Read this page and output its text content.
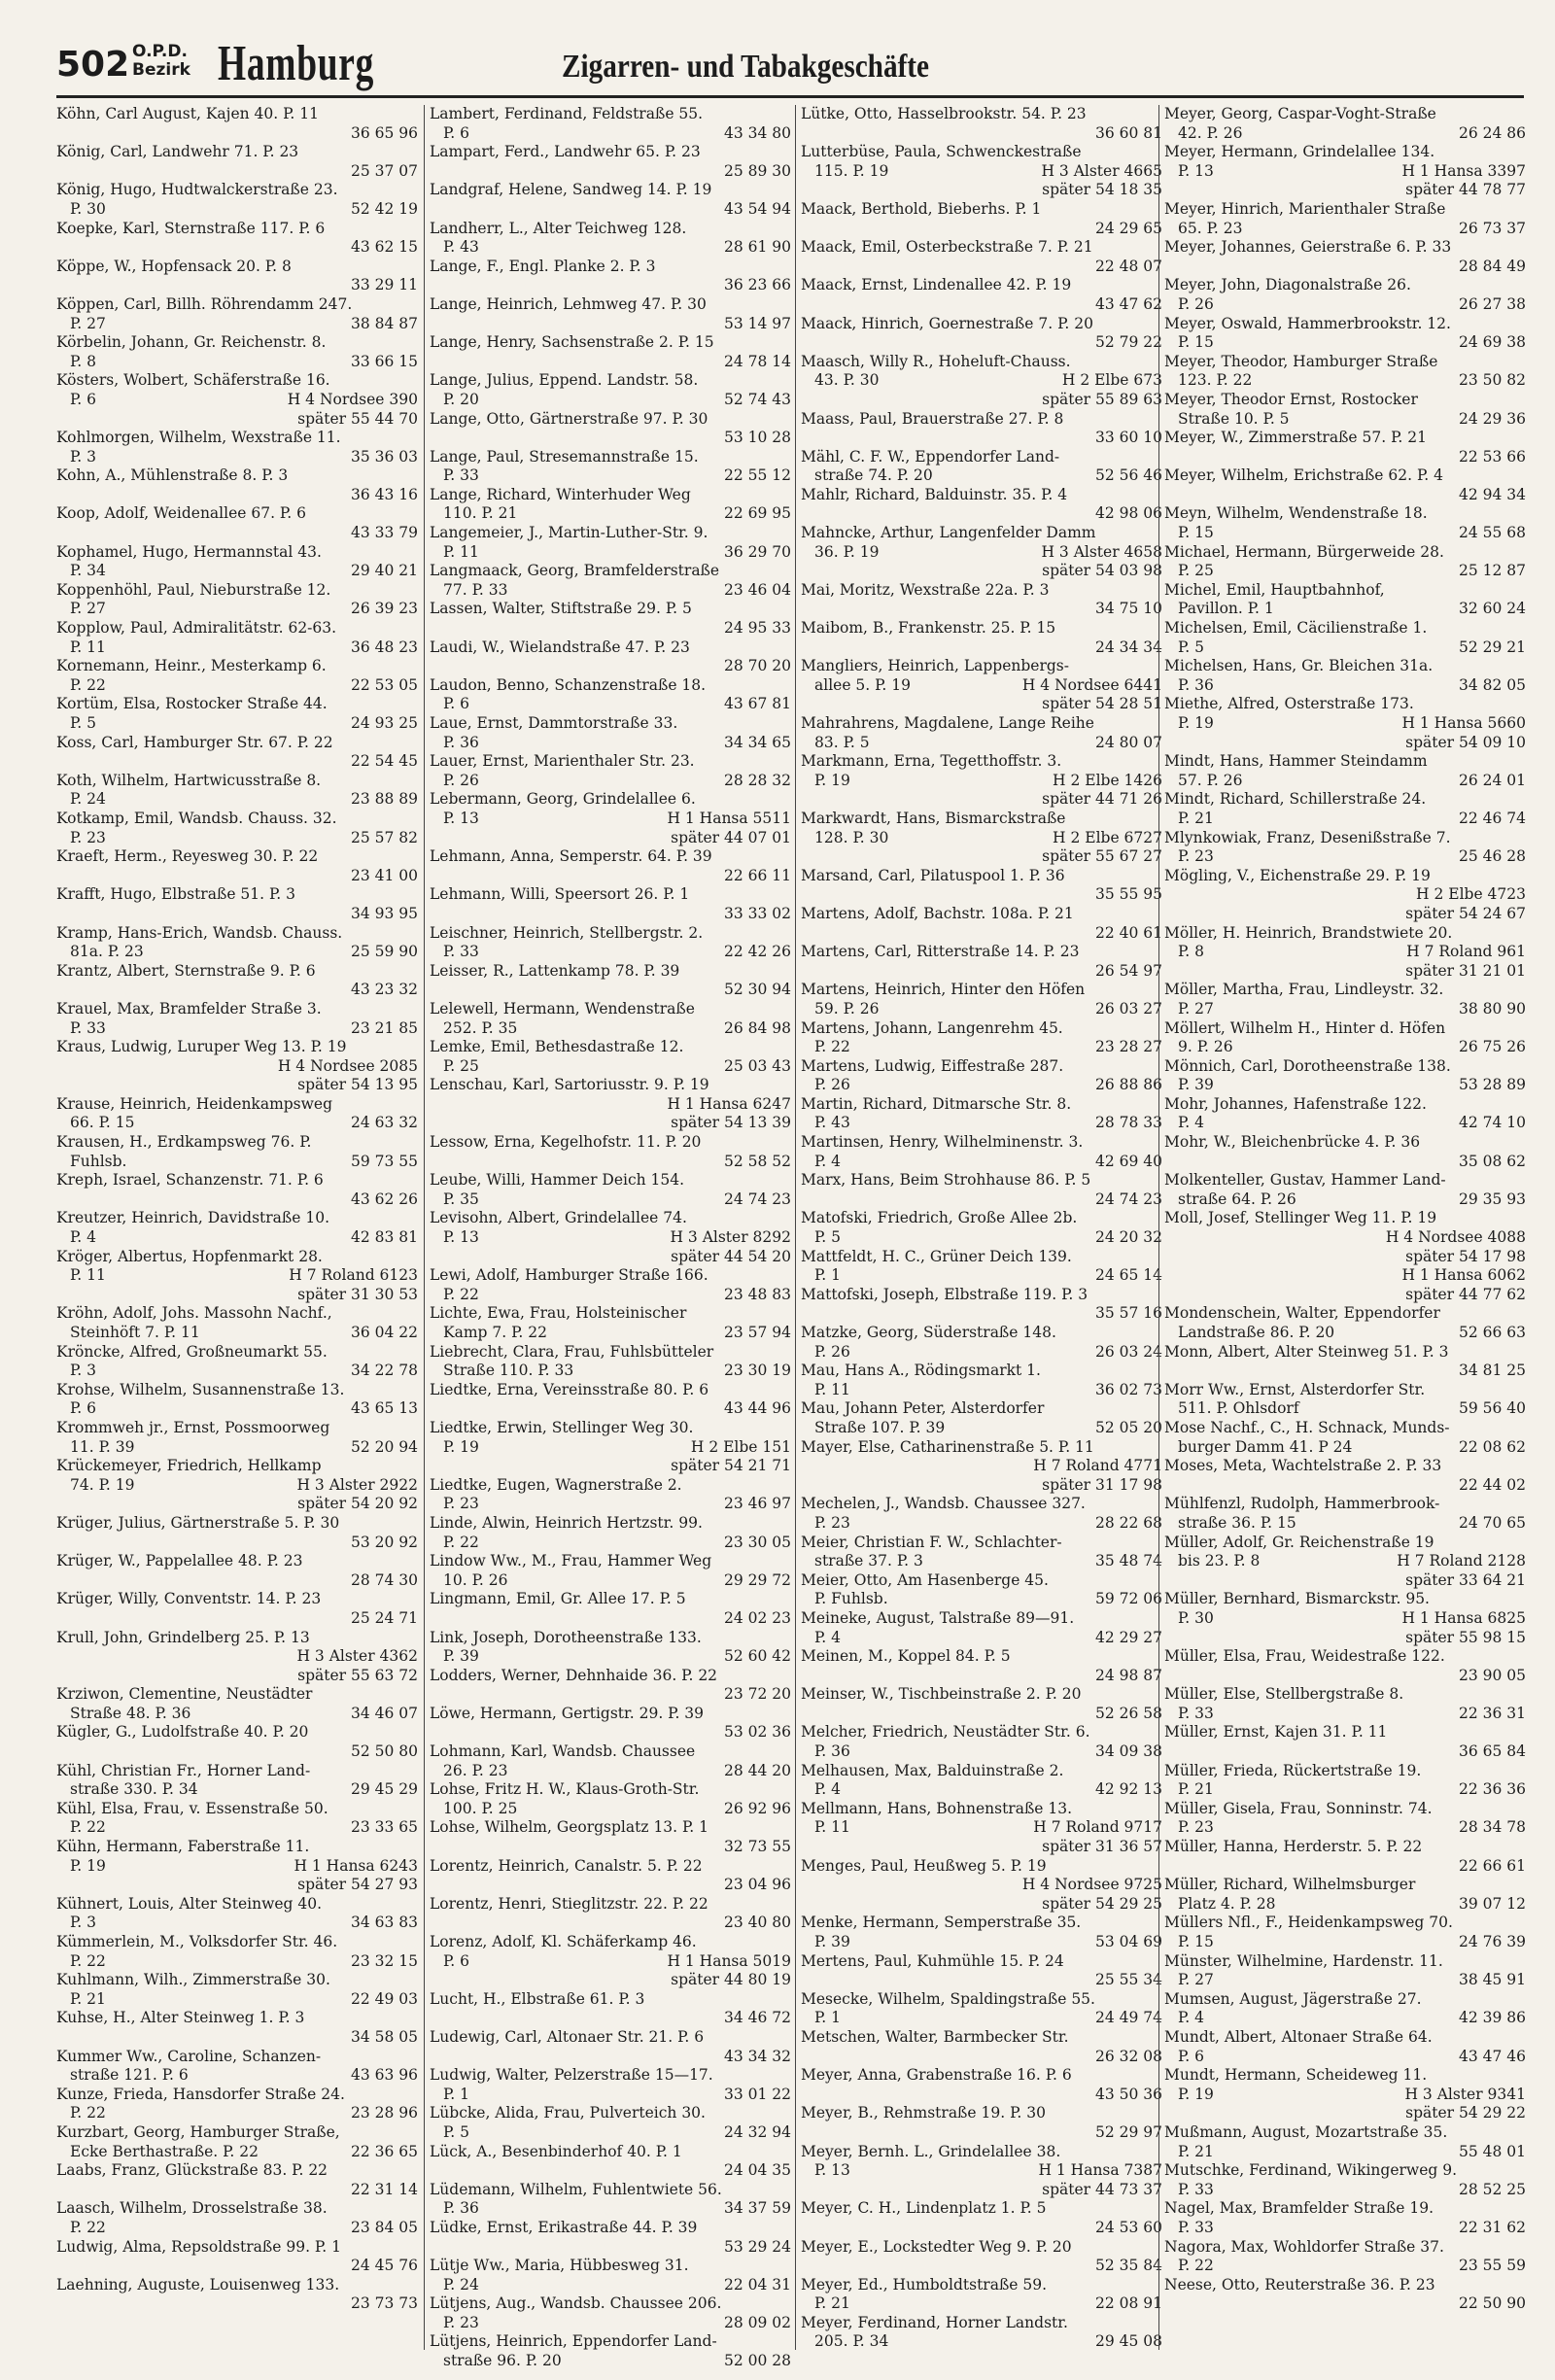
502 O.P.D.
Bezirk Hamburg	Zigarren- und Tabakgeschäfte
Köhn, Carl August, Kajen 40. P. 11
36 65 96
König, Carl, Landwehr 71. P. 23
25 37 07
König, Hugo, Hudtwalckerstraße 23.
P. 30	52 42 19
Koepke, Karl, Sternstraße 117. P. 6
43 62 15
Köppe, W., Hopfensack 20. P. 8
33 29 11
Köppen, Carl, Billh. Röhrendamm 247.
P. 27	38 84 87
Körbelin, Johann, Gr. Reichenstr. 8.
P. 8	33 66 15
Kösters, Wolbert, Schäferstraße 16.
P. 6	H 4 Nordsee 390
später 55 44 70
Kohlmorgen, Wilhelm, Wexstraße 11.
P. 3	35 36 03
Kohn, A., Mühlenstraße 8. P. 3
36 43 16
Koop, Adolf, Weidenallee 67. P. 6
43 33 79
Kophamel, Hugo, Hermannstal 43.
P. 34	29 40 21
Koppenhöhl, Paul, Nieburstraße 12.
P. 27	26 39 23
Kopplow, Paul, Admiralitätstr. 62-63.
P. 11	36 48 23
Kornemann, Heinr., Mesterkamp 6.
P. 22	22 53 05
Kortüm, Elsa, Rostocker Straße 44.
P. 5	24 93 25
Koss, Carl, Hamburger Str. 67. P. 22
22 54 45
Koth, Wilhelm, Hartwicusstraße 8.
P. 24	23 88 89
Kotkamp, Emil, Wandsb. Chauss. 32.
P. 23	25 57 82
Kraeft, Herm., Reyesweg 30. P. 22
23 41 00
Krafft, Hugo, Elbstraße 51. P. 3
34 93 95
Kramp, Hans-Erich, Wandsb. Chauss.
81a. P. 23	25 59 90
Krantz, Albert, Sternstraße 9. P. 6
43 23 32
Krauel, Max, Bramfelder Straße 3.
P. 33	23 21 85
Kraus, Ludwig, Luruper Weg 13. P. 19
H 4 Nordsee 2085
später 54 13 95
Krause, Heinrich, Heidenkampsweg
66. P. 15	24 63 32
Krausen, H., Erdkampsweg 76. P.
Fuhlsb.	59 73 55
Kreph, Israel, Schanzenstr. 71. P. 6
43 62 26
Kreutzer, Heinrich, Davidstraße 10.
P. 4	42 83 81
Kröger, Albertus, Hopfenmarkt 28.
P. 11	H 7 Roland 6123
später 31 30 53
Kröhn, Adolf, Johs. Massohn Nachf.,
Steinhöft 7. P. 11	36 04 22
Kröncke, Alfred, Großneumarkt 55.
P. 3	34 22 78
Krohse, Wilhelm, Susannenstraße 13.
P. 6	43 65 13
Krommweh jr., Ernst, Possmoorweg
11. P. 39	52 20 94
Krückemeyer, Friedrich, Hellkamp
74. P. 19	H 3 Alster 2922
später 54 20 92
Krüger, Julius, Gärtnerstraße 5. P. 30
53 20 92
Krüger, W., Pappelallee 48. P. 23
28 74 30
Krüger, Willy, Conventstr. 14. P. 23
25 24 71
Krull, John, Grindelberg 25. P. 13
H 3 Alster 4362
später 55 63 72
Krziwon, Clementine, Neustädter
Straße 48. P. 36	34 46 07
Kügler, G., Ludolfstraße 40. P. 20
52 50 80
Kühl, Christian Fr., Horner Land-
straße 330. P. 34	29 45 29
Kühl, Elsa, Frau, v. Essenstraße 50.
P. 22	23 33 65
Kühn, Hermann, Faberstraße 11.
P. 19	H 1 Hansa 6243
später 54 27 93
Kühnert, Louis, Alter Steinweg 40.
P. 3	34 63 83
Kümmerlein, M., Volksdorfer Str. 46.
P. 22	23 32 15
Kuhlmann, Wilh., Zimmerstraße 30.
P. 21	22 49 03
Kuhse, H., Alter Steinweg 1. P. 3
34 58 05
Kummer Ww., Caroline, Schanzen-
straße 121. P. 6	43 63 96
Kunze, Frieda, Hansdorfer Straße 24.
P. 22	23 28 96
Kurzbart, Georg, Hamburger Straße,
Ecke Berthastraße. P. 22	22 36 65
Laabs, Franz, Glückstraße 83. P. 22
22 31 14
Laasch, Wilhelm, Drosselstraße 38.
P. 22	23 84 05
Ludwig, Alma, Repsoldstraße 99. P. 1
24 45 76
Laehning, Auguste, Louisenweg 133.
23 73 73
Lambert, Ferdinand, Feldstraße 55.
P. 6	43 34 80
Lampart, Ferd., Landwehr 65. P. 23
25 89 30
Landgraf, Helene, Sandweg 14. P. 19
43 54 94
Landherr, L., Alter Teichweg 128.
P. 43	28 61 90
Lange, F., Engl. Planke 2. P. 3
36 23 66
Lange, Heinrich, Lehmweg 47. P. 30
53 14 97
Lange, Henry, Sachsenstraße 2. P. 15
24 78 14
Lange, Julius, Eppend. Landstr. 58.
P. 20	52 74 43
Lange, Otto, Gärtnerstraße 97. P. 30
53 10 28
Lange, Paul, Stresemannstraße 15.
P. 33	22 55 12
Lange, Richard, Winterhuder Weg
110. P. 21	22 69 95
Langemeier, J., Martin-Luther-Str. 9.
P. 11	36 29 70
Langmaack, Georg, Bramfelderstraße
77. P. 33	23 46 04
Lassen, Walter, Stiftstraße 29. P. 5
24 95 33
Laudi, W., Wielandstraße 47. P. 23
28 70 20
Laudon, Benno, Schanzenstraße 18.
P. 6	43 67 81
Laue, Ernst, Dammtorstraße 33.
P. 36	34 34 65
Lauer, Ernst, Marienthaler Str. 23.
P. 26	28 28 32
Lebermann, Georg, Grindelallee 6.
P. 13	H 1 Hansa 5511
später 44 07 01
Lehmann, Anna, Semperstr. 64. P. 39
22 66 11
Lehmann, Willi, Speersort 26. P. 1
33 33 02
Leischner, Heinrich, Stellbergstr. 2.
P. 33	22 42 26
Leisser, R., Lattenkamp 78. P. 39
52 30 94
Lelewell, Hermann, Wendenstraße
252. P. 35	26 84 98
Lemke, Emil, Bethesdastraße 12.
P. 25	25 03 43
Lenschau, Karl, Sartoriusstr. 9. P. 19
H 1 Hansa 6247
später 54 13 39
Lessow, Erna, Kegelhofstr. 11. P. 20
52 58 52
Leube, Willi, Hammer Deich 154.
P. 35	24 74 23
Levisohn, Albert, Grindelallee 74.
P. 13	H 3 Alster 8292
später 44 54 20
Lewi, Adolf, Hamburger Straße 166.
P. 22	23 48 83
Lichte, Ewa, Frau, Holsteinischer
Kamp 7. P. 22	23 57 94
Liebrecht, Clara, Frau, Fuhlsbütteler
Straße 110. P. 33	23 30 19
Liedtke, Erna, Vereinsstraße 80. P. 6
43 44 96
Liedtke, Erwin, Stellinger Weg 30.
P. 19	H 2 Elbe 151
später 54 21 71
Liedtke, Eugen, Wagnerstraße 2.
P. 23	23 46 97
Linde, Alwin, Heinrich Hertzstr. 99.
P. 22	23 30 05
Lindow Ww., M., Frau, Hammer Weg
10. P. 26	29 29 72
Lingmann, Emil, Gr. Allee 17. P. 5
24 02 23
Link, Joseph, Dorotheenstraße 133.
P. 39	52 60 42
Lodders, Werner, Dehnhaide 36. P. 22
23 72 20
Löwe, Hermann, Gertigstr. 29. P. 39
53 02 36
Lohmann, Karl, Wandsb. Chaussee
26. P. 23	28 44 20
Lohse, Fritz H. W., Klaus-Groth-Str.
100. P. 25	26 92 96
Lohse, Wilhelm, Georgsplatz 13. P. 1
32 73 55
Lorentz, Heinrich, Canalstr. 5. P. 22
23 04 96
Lorentz, Henri, Stieglitzstr. 22. P. 22
23 40 80
Lorenz, Adolf, Kl. Schäferkamp 46.
P. 6	H 1 Hansa 5019
später 44 80 19
Lucht, H., Elbstraße 61. P. 3
34 46 72
Ludewig, Carl, Altonaer Str. 21. P. 6
43 34 32
Ludwig, Walter, Pelzerstraße 15—17.
P. 1	33 01 22
Lübcke, Alida, Frau, Pulverteich 30.
P. 5	24 32 94
Lück, A., Besenbinderhof 40. P. 1
24 04 35
Lüdemann, Wilhelm, Fuhlentwiete 56.
P. 36	34 37 59
Lüdke, Ernst, Erikastraße 44. P. 39
53 29 24
Lütje Ww., Maria, Hübbesweg 31.
P. 24	22 04 31
Lütjens, Aug., Wandsb. Chaussee 206.
P. 23	28 09 02
Lütjens, Heinrich, Eppendorfer Land-
straße 96. P. 20	52 00 28
Lütke, Otto, Hasselbrookstr. 54. P. 23
36 60 81
Lutterbüse, Paula, Schwenckestraße
115. P. 19	H 3 Alster 4665
später 54 18 35
Maack, Berthold, Bieberhs. P. 1
24 29 65
Maack, Emil, Osterbeckstraße 7. P. 21
22 48 07
Maack, Ernst, Lindenallee 42. P. 19
43 47 62
Maack, Hinrich, Goernestraße 7. P. 20
52 79 22
Maasch, Willy R., Hoheluft-Chauss.
43. P. 30	H 2 Elbe 673
später 55 89 63
Maass, Paul, Brauerstraße 27. P. 8
33 60 10
Mähl, C. F. W., Eppendorfer Land-
straße 74. P. 20	52 56 46
Mahlr, Richard, Balduinstr. 35. P. 4
42 98 06
Mahncke, Arthur, Langenfelder Damm
36. P. 19	H 3 Alster 4658
später 54 03 98
Mai, Moritz, Wexstraße 22a. P. 3
34 75 10
Maibom, B., Frankenstr. 25. P. 15
24 34 34
Mangliers, Heinrich, Lappenbergs-
allee 5. P. 19	H 4 Nordsee 6441
später 54 28 51
Mahrahrens, Magdalene, Lange Reihe
83. P. 5	24 80 07
Markmann, Erna, Tegetthoffstr. 3.
P. 19	H 2 Elbe 1426
später 44 71 26
Markwardt, Hans, Bismarckstraße
128. P. 30	H 2 Elbe 6727
später 55 67 27
Marsand, Carl, Pilatuspool 1. P. 36
35 55 95
Martens, Adolf, Bachstr. 108a. P. 21
22 40 61
Martens, Carl, Ritterstraße 14. P. 23
26 54 97
Martens, Heinrich, Hinter den Höfen
59. P. 26	26 03 27
Martens, Johann, Langenrehm 45.
P. 22	23 28 27
Martens, Ludwig, Eiffestraße 287.
P. 26	26 88 86
Martin, Richard, Ditmarsche Str. 8.
P. 43	28 78 33
Martinsen, Henry, Wilhelminenstr. 3.
P. 4	42 69 40
Marx, Hans, Beim Strohhause 86. P. 5
24 74 23
Matofski, Friedrich, Große Allee 2b.
P. 5	24 20 32
Mattfeldt, H. C., Grüner Deich 139.
P. 1	24 65 14
Mattofski, Joseph, Elbstraße 119. P. 3
35 57 16
Matzke, Georg, Süderstraße 148.
P. 26	26 03 24
Mau, Hans A., Rödingsmarkt 1.
P. 11	36 02 73
Mau, Johann Peter, Alsterdorfer
Straße 107. P. 39	52 05 20
Mayer, Else, Catharinenstraße 5. P. 11
H 7 Roland 4771
später 31 17 98
Mechelen, J., Wandsb. Chaussee 327.
P. 23	28 22 68
Meier, Christian F. W., Schlachter-
straße 37. P. 3	35 48 74
Meier, Otto, Am Hasenberge 45.
P. Fuhlsb.	59 72 06
Meineke, August, Talstraße 89—91.
P. 4	42 29 27
Meinen, M., Koppel 84. P. 5
24 98 87
Meinser, W., Tischbeinstraße 2. P. 20
52 26 58
Melcher, Friedrich, Neustädter Str. 6.
P. 36	34 09 38
Melhausen, Max, Balduinstraße 2.
P. 4	42 92 13
Mellmann, Hans, Bohnenstraße 13.
P. 11	H 7 Roland 9717
später 31 36 57
Menges, Paul, Heußweg 5. P. 19
H 4 Nordsee 9725
später 54 29 25
Menke, Hermann, Semperstraße 35.
P. 39	53 04 69
Mertens, Paul, Kuhmühle 15. P. 24
25 55 34
Mesecke, Wilhelm, Spaldingstraße 55.
P. 1	24 49 74
Metschen, Walter, Barmbecker Str.
26 32 08
Meyer, Anna, Grabenstraße 16. P. 6
43 50 36
Meyer, B., Rehmstraße 19. P. 30
52 29 97
Meyer, Bernh. L., Grindelallee 38.
P. 13	H 1 Hansa 7387
später 44 73 37
Meyer, C. H., Lindenplatz 1. P. 5
24 53 60
Meyer, E., Lockstedter Weg 9. P. 20
52 35 84
Meyer, Ed., Humboldtstraße 59.
P. 21	22 08 91
Meyer, Ferdinand, Horner Landstr.
205. P. 34	29 45 08
Meyer, Georg, Caspar-Voght-Straße
42. P. 26	26 24 86
Meyer, Hermann, Grindelallee 134.
P. 13	H 1 Hansa 3397
später 44 78 77
Meyer, Hinrich, Marienthaler Straße
65. P. 23	26 73 37
Meyer, Johannes, Geierstraße 6. P. 33
28 84 49
Meyer, John, Diagonalstraße 26.
P. 26	26 27 38
Meyer, Oswald, Hammerbrookstr. 12.
P. 15	24 69 38
Meyer, Theodor, Hamburger Straße
123. P. 22	23 50 82
Meyer, Theodor Ernst, Rostocker
Straße 10. P. 5	24 29 36
Meyer, W., Zimmerstraße 57. P. 21
22 53 66
Meyer, Wilhelm, Erichstraße 62. P. 4
42 94 34
Meyn, Wilhelm, Wendenstraße 18.
P. 15	24 55 68
Michael, Hermann, Bürgerweide 28.
P. 25	25 12 87
Michel, Emil, Hauptbahnhof,
Pavillon. P. 1	32 60 24
Michelsen, Emil, Cäcilienstraße 1.
P. 5	52 29 21
Michelsen, Hans, Gr. Bleichen 31a.
P. 36	34 82 05
Miethe, Alfred, Osterstraße 173.
P. 19	H 1 Hansa 5660
später 54 09 10
Mindt, Hans, Hammer Steindamm
57. P. 26	26 24 01
Mindt, Richard, Schillerstraße 24.
P. 21	22 46 74
Mlynkowiak, Franz, Desenißstraße 7.
P. 23	25 46 28
Mögling, V., Eichenstraße 29. P. 19
H 2 Elbe 4723
später 54 24 67
Möller, H. Heinrich, Brandstwiete 20.
P. 8	H 7 Roland 961
später 31 21 01
Möller, Martha, Frau, Lindleystr. 32.
P. 27	38 80 90
Möllert, Wilhelm H., Hinter d. Höfen
9. P. 26	26 75 26
Mönnich, Carl, Dorotheenstraße 138.
P. 39	53 28 89
Mohr, Johannes, Hafenstraße 122.
P. 4	42 74 10
Mohr, W., Bleichenbrücke 4. P. 36
35 08 62
Molkenteller, Gustav, Hammer Land-
straße 64. P. 26	29 35 93
Moll, Josef, Stellinger Weg 11. P. 19
H 4 Nordsee 4088
später 54 17 98
H 1 Hansa 6062
später 44 77 62
Mondenschein, Walter, Eppendorfer
Landstraße 86. P. 20	52 66 63
Monn, Albert, Alter Steinweg 51. P. 3
34 81 25
Morr Ww., Ernst, Alsterdorfer Str.
511. P. Ohlsdorf	59 56 40
Mose Nachf., C., H. Schnack, Munds-
burger Damm 41. P 24	22 08 62
Moses, Meta, Wachtelstraße 2. P. 33
22 44 02
Mühlfenzl, Rudolph, Hammerbrook-
straße 36. P. 15	24 70 65
Müller, Adolf, Gr. Reichenstraße 19
bis 23. P. 8	H 7 Roland 2128
später 33 64 21
Müller, Bernhard, Bismarckstr. 95.
P. 30	H 1 Hansa 6825
später 55 98 15
Müller, Elsa, Frau, Weidestraße 122.
23 90 05
Müller, Else, Stellbergstraße 8.
P. 33	22 36 31
Müller, Ernst, Kajen 31. P. 11
36 65 84
Müller, Frieda, Rückertstraße 19.
P. 21	22 36 36
Müller, Gisela, Frau, Sonninstr. 74.
P. 23	28 34 78
Müller, Hanna, Herderstr. 5. P. 22
22 66 61
Müller, Richard, Wilhelmsburger
Platz 4. P. 28	39 07 12
Müllers Nfl., F., Heidenkampsweg 70.
P. 15	24 76 39
Münster, Wilhelmine, Hardenstr. 11.
P. 27	38 45 91
Mumsen, August, Jägerstraße 27.
P. 4	42 39 86
Mundt, Albert, Altonaer Straße 64.
P. 6	43 47 46
Mundt, Hermann, Scheideweg 11.
P. 19	H 3 Alster 9341
später 54 29 22
Mußmann, August, Mozartstraße 35.
P. 21	55 48 01
Mutschke, Ferdinand, Wikingerweg 9.
P. 33	28 52 25
Nagel, Max, Bramfelder Straße 19.
P. 33	22 31 62
Nagora, Max, Wohldorfer Straße 37.
P. 22	23 55 59
Neese, Otto, Reuterstraße 36. P. 23
22 50 90
